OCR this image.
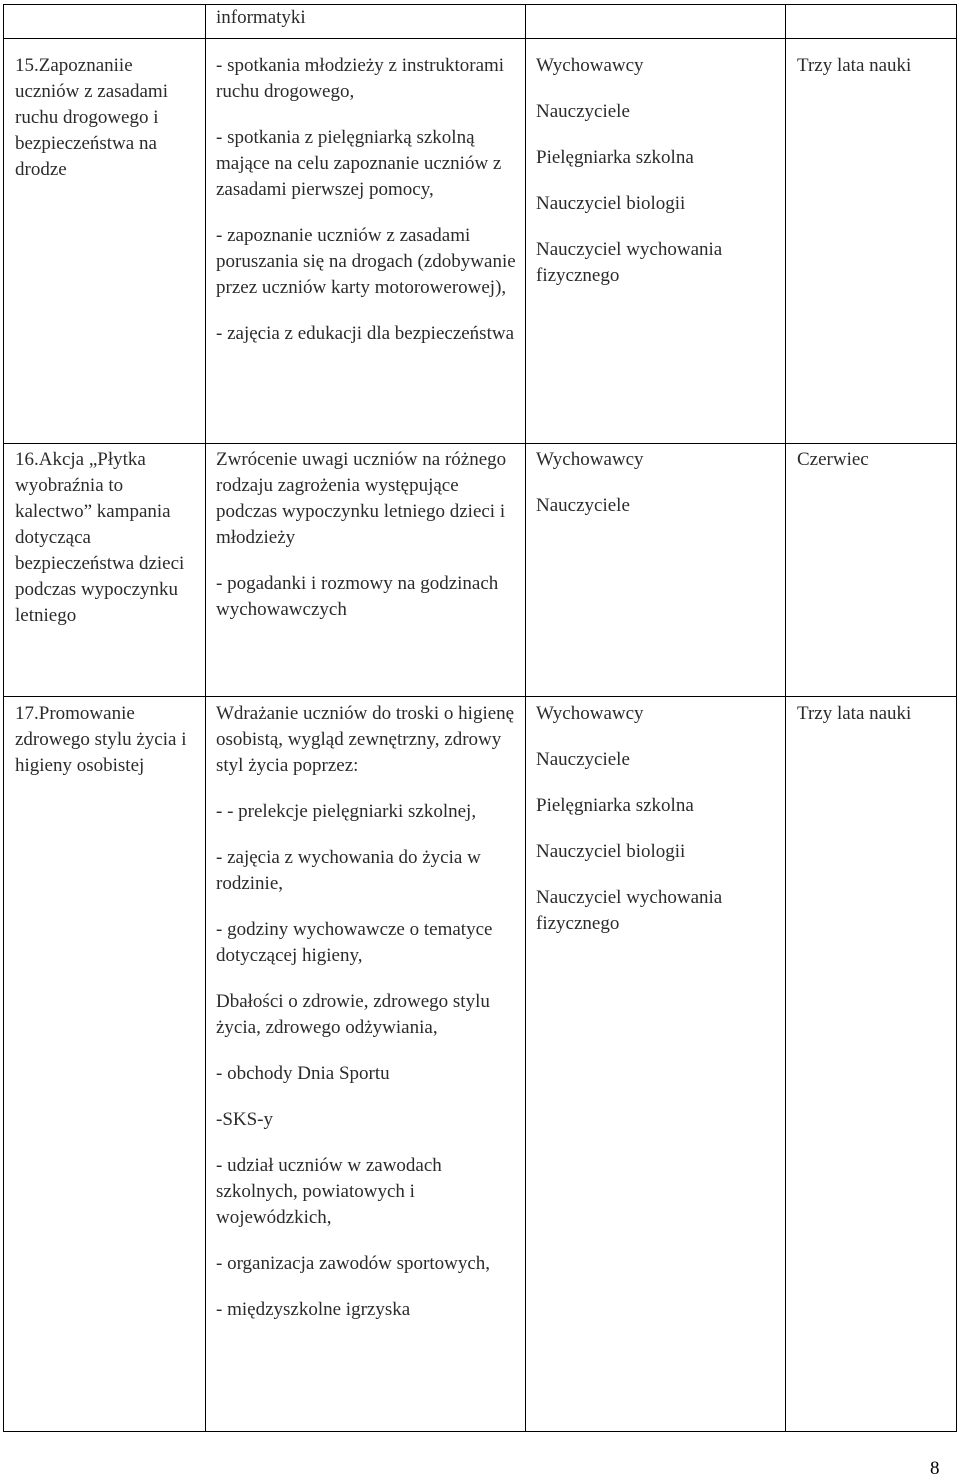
informatyki

15.Zapoznaniie uczniów z zasadami ruchu drogowego i bezpieczeństwa na drodze

- spotkania młodzieży z instruktorami ruchu drogowego,

- spotkania z pielęgniarką szkolną mające na celu zapoznanie uczniów z zasadami pierwszej pomocy,

- zapoznanie uczniów z zasadami poruszania się na drogach (zdobywanie przez uczniów karty motorowerowej),

- zajęcia z edukacji dla bezpieczeństwa

Wychowawcy

Nauczyciele

Pielęgniarka szkolna

Nauczyciel biologii

Nauczyciel wychowania fizycznego

Trzy lata nauki

16.Akcja „Płytka wyobraźnia to kalectwo” kampania dotycząca bezpieczeństwa dzieci podczas wypoczynku letniego

Zwrócenie uwagi uczniów na różnego rodzaju zagrożenia występujące podczas wypoczynku letniego dzieci i młodzieży

- pogadanki i rozmowy na godzinach wychowawczych

Wychowawcy

Nauczyciele

Czerwiec

17.Promowanie zdrowego stylu życia i higieny osobistej

Wdrażanie uczniów do troski o higienę osobistą, wygląd zewnętrzny, zdrowy styl życia poprzez:

- - prelekcje pielęgniarki szkolnej,

- zajęcia z wychowania do życia w rodzinie,

- godziny wychowawcze o tematyce dotyczącej higieny,

Dbałości o zdrowie, zdrowego stylu życia, zdrowego odżywiania,

- obchody Dnia Sportu

-SKS-y

- udział uczniów w zawodach szkolnych, powiatowych i wojewódzkich,

- organizacja zawodów sportowych,

- międzyszkolne igrzyska

Wychowawcy

Nauczyciele

Pielęgniarka szkolna

Nauczyciel biologii

Nauczyciel wychowania fizycznego

Trzy lata nauki

8
